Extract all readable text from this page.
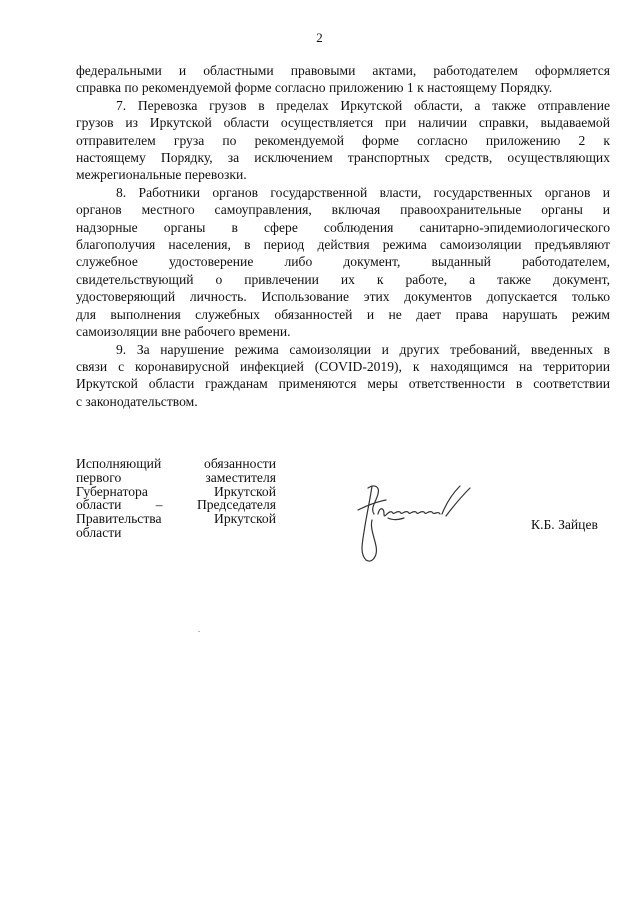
2

федеральными и областными правовыми актами, работодателем оформляется
справка по рекомендуемой форме согласно приложению 1 к настоящему Порядку.

7. Перевозка грузов в пределах Иркутской области, а также отправление
грузов из Иркутской области осуществляется при наличии справки, выдаваемой
отправителем груза по рекомендуемой форме согласно приложению 2 к
настоящему Порядку, за исключением транспортных средств, осуществляющих
межрегиональные перевозки.

8. Работники органов государственной власти, государственных органов и
органов местного самоуправления, включая правоохранительные органы и
надзорные органы в сфере соблюдения санитарно-эпидемиологического
благополучия населения, в период действия режима самоизоляции предъявляют
служебное удостоверение либо документ, выданный работодателем,
свидетельствующий о привлечении их к работе, а также документ,
удостоверяющий личность. Использование этих документов допускается только
для выполнения служебных обязанностей и не дает права нарушать режим
самоизоляции вне рабочего времени.

9. За нарушение режима самоизоляции и других требований, введенных в
связи с коронавирусной инфекцией (COVID-2019), к находящимся на территории
Иркутской области гражданам применяются меры ответственности в соответствии
с законодательством.

Исполняющий	обязанности
первого	заместителя
Губернатора	Иркутской
области	–	Председателя
Правительства	Иркутской
области
К.Б. Зайцев
